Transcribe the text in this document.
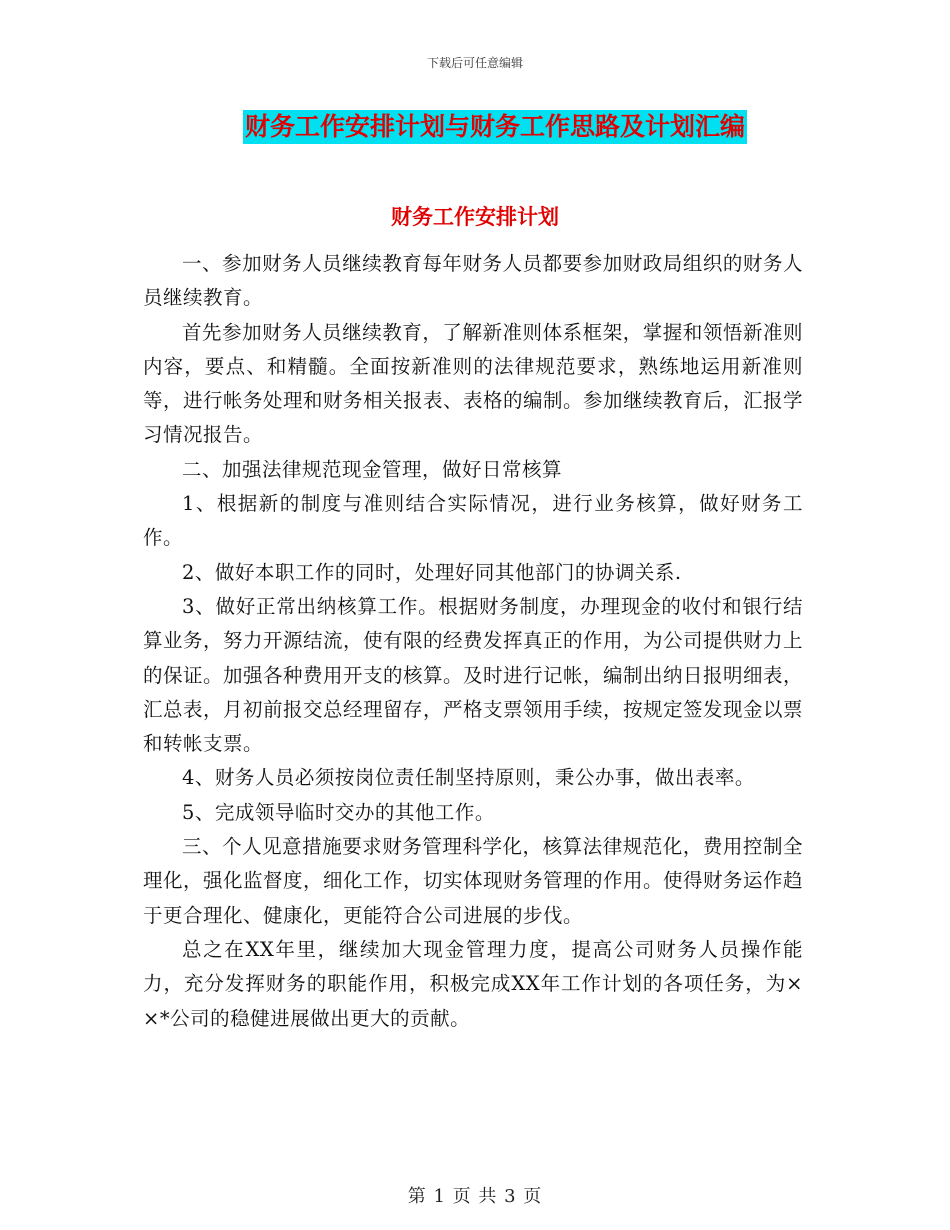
下载后可任意编辑
财务工作安排计划与财务工作思路及计划汇编
财务工作安排计划

一、参加财务人员继续教育每年财务人员都要参加财政局组织的财务人员继续教育。

首先参加财务人员继续教育，了解新准则体系框架，掌握和领悟新准则内容，要点、和精髓。全面按新准则的法律规范要求，熟练地运用新准则等，进行帐务处理和财务相关报表、表格的编制。参加继续教育后，汇报学习情况报告。

二、加强法律规范现金管理，做好日常核算

1、根据新的制度与准则结合实际情况，进行业务核算，做好财务工作。

2、做好本职工作的同时，处理好同其他部门的协调关系.

3、做好正常出纳核算工作。根据财务制度，办理现金的收付和银行结算业务，努力开源结流，使有限的经费发挥真正的作用，为公司提供财力上的保证。加强各种费用开支的核算。及时进行记帐，编制出纳日报明细表，汇总表，月初前报交总经理留存，严格支票领用手续，按规定签发现金以票和转帐支票。

4、财务人员必须按岗位责任制坚持原则，秉公办事，做出表率。

5、完成领导临时交办的其他工作。

三、个人见意措施要求财务管理科学化，核算法律规范化，费用控制全理化，强化监督度，细化工作，切实体现财务管理的作用。使得财务运作趋于更合理化、健康化，更能符合公司进展的步伐。

总之在XX年里，继续加大现金管理力度，提高公司财务人员操作能力，充分发挥财务的职能作用，积极完成XX年工作计划的各项任务，为××*公司的稳健进展做出更大的贡献。

第 1 页 共 3 页
